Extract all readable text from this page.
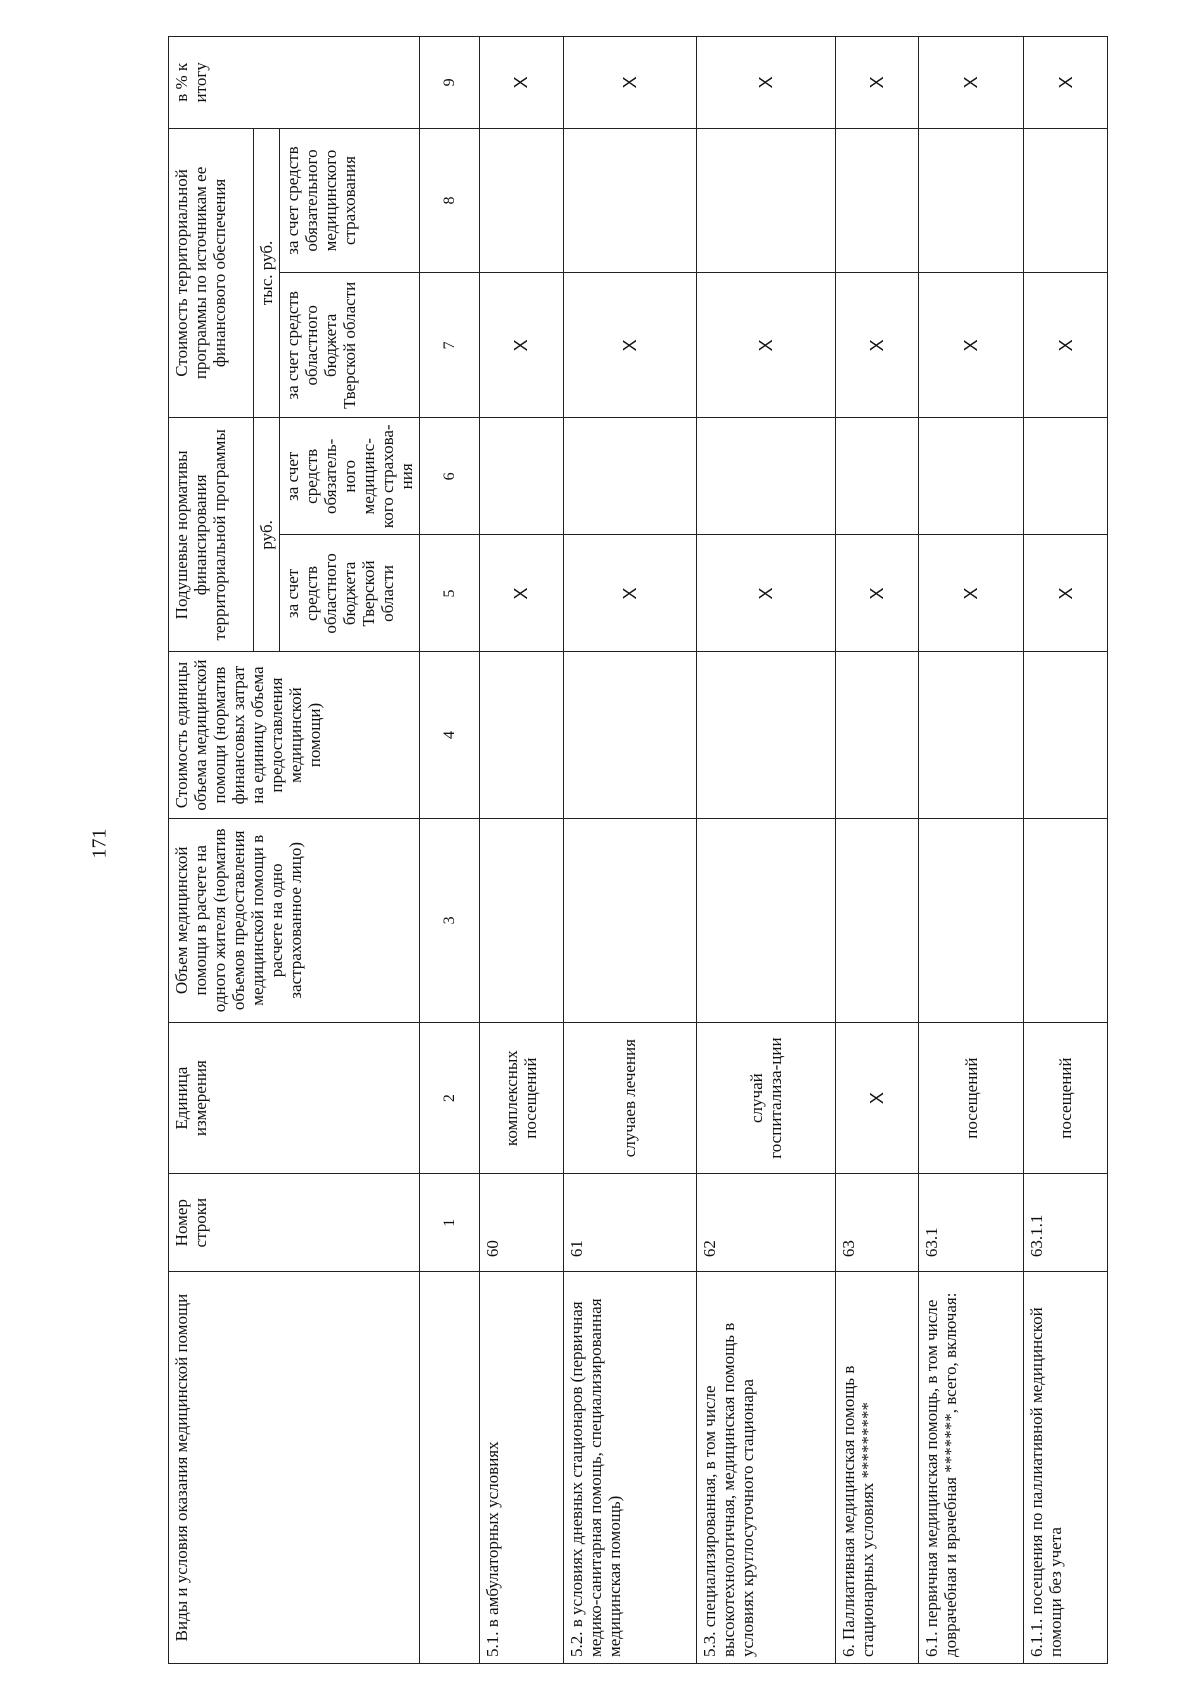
171
Виды и условия оказания медицинской помощи	Номер строки	Единица измерения	Объем медицинской помощи в расчете на одного жителя (норматив объемов предоставления медицинской помощи в расчете на одно застрахованное лицо)	Стоимость единицы объема медицинской помощи (норматив финансовых затрат на единицу объема предоставления медицинской помощи)	Подушевые нормативы финансирования территориальной программы		Стоимость территориальной программы по источникам ее финансового обеспечения		в % к итогу
					руб.		тыс. руб.		
					за счет средств областного бюджета Тверской области	за счет средств обязатель-ного медицинс-кого страхова-ния	за счет средств областного бюджета Тверской области	за счет средств обязательного медицинского страхования	
	1	2	3	4	5	6	7	8	9
5.1. в амбулаторных условиях	60	комплексных посещений			X		X		X
5.2. в условиях дневных стационаров (первичная медико-санитарная помощь, специализированная медицинская помощь)	61	случаев лечения			X		X		X
5.3. специализированная, в том числе высокотехнологичная, медицинская помощь в условиях круглосуточного стационара	62	случай госпитализа-ции			X		X		X
6. Паллиативная медицинская помощь в стационарных условиях *********	63	X			X		X		X
6.1. первичная медицинская помощь, в том числе доврачебная и врачебная *******, всего, включая:	63.1	посещений			X		X		X
6.1.1. посещения по паллиативной медицинской помощи без учета	63.1.1	посещений			X		X		X
